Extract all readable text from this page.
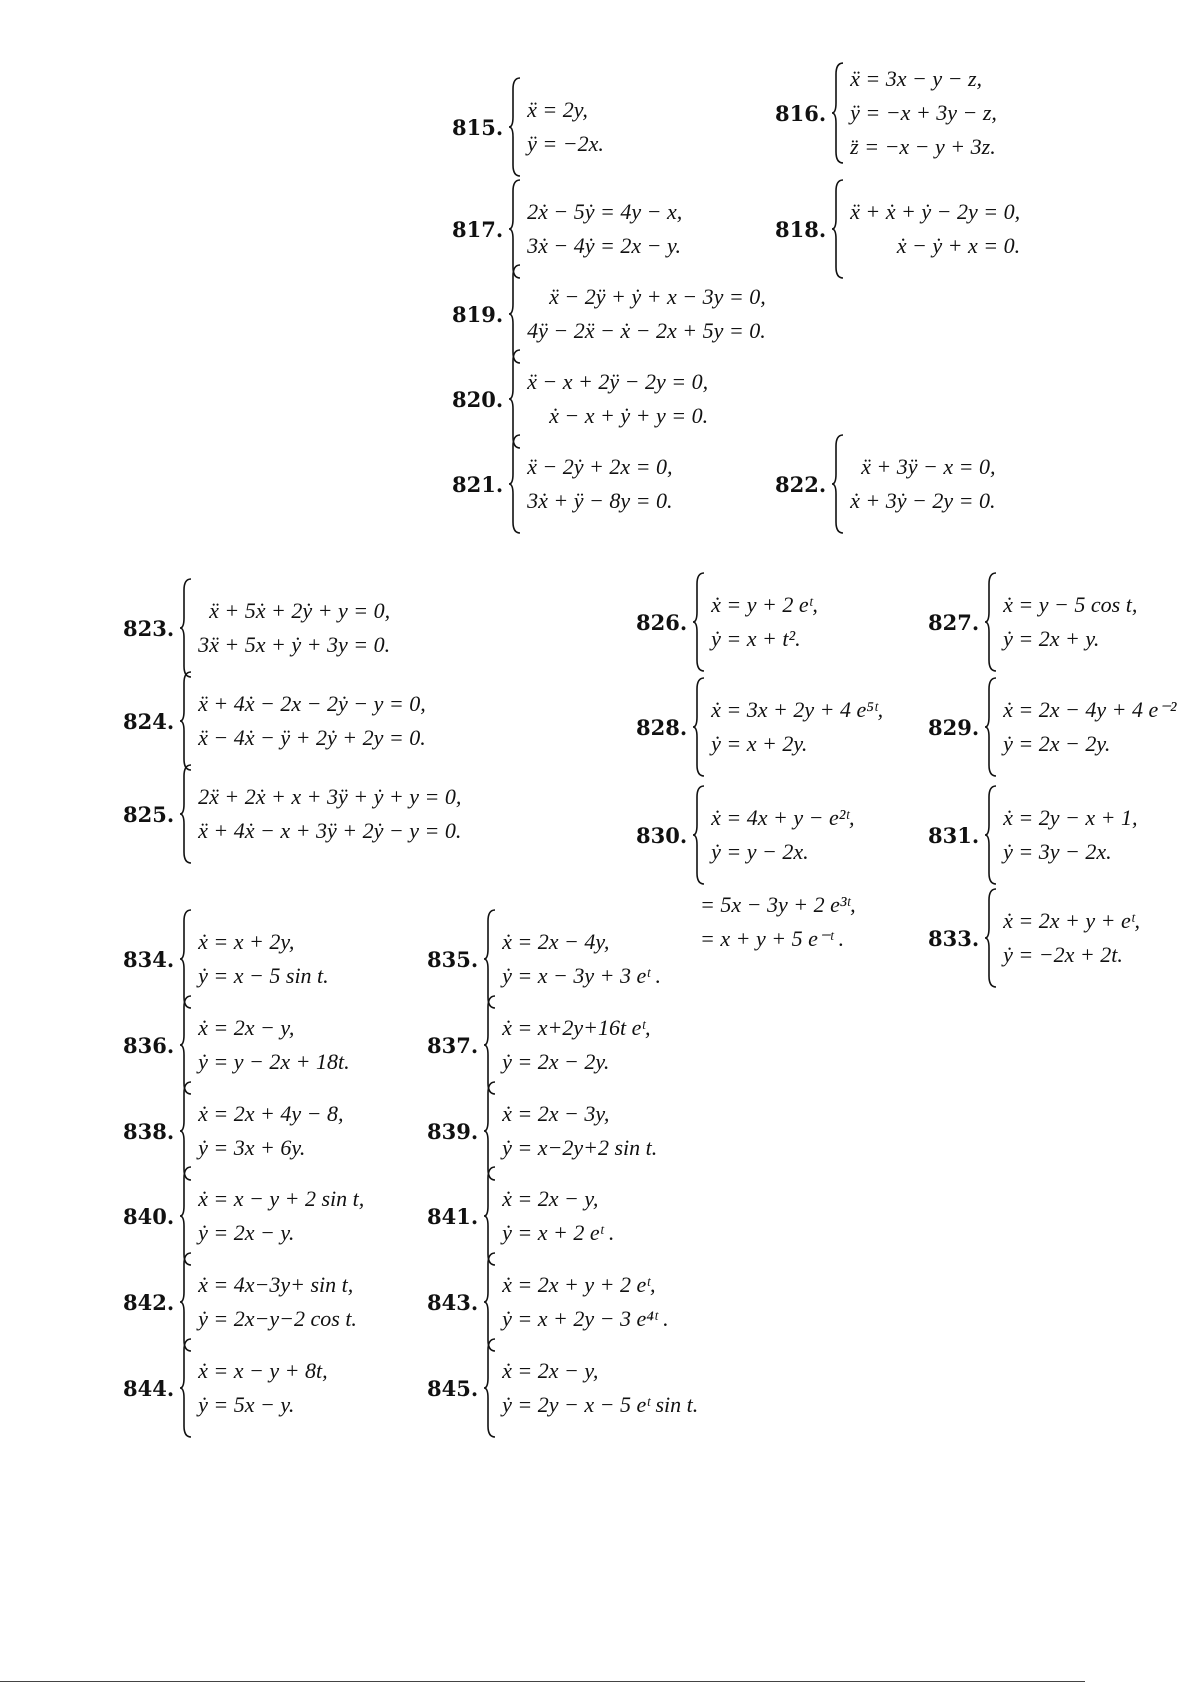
815.
ẍ = 2y,
ÿ = −2x.
816.
ẍ = 3x − y − z,
ÿ = −x + 3y − z,
z̈ = −x − y + 3z.
817.
2ẋ − 5ẏ = 4y − x,
3ẋ − 4ẏ = 2x − y.
818.
ẍ + ẋ + ẏ − 2y = 0,
ẋ − ẏ + x = 0.
819.
ẍ − 2ÿ + ẏ + x − 3y = 0,
4ÿ − 2ẍ − ẋ − 2x + 5y = 0.
820.
ẍ − x + 2ÿ − 2y = 0,
ẋ − x + ẏ + y = 0.
821.
ẍ − 2ẏ + 2x = 0,
3ẋ + ÿ − 8y = 0.
822.
ẍ + 3ÿ − x = 0,
ẋ + 3ẏ − 2y = 0.
823.
ẍ + 5ẋ + 2ẏ + y = 0,
3ẍ + 5x + ẏ + 3y = 0.
824.
ẍ + 4ẋ − 2x − 2ẏ − y = 0,
ẍ − 4ẋ − ÿ + 2ẏ + 2y = 0.
825.
2ẍ + 2ẋ + x + 3ÿ + ẏ + y = 0,
ẍ + 4ẋ − x + 3ÿ + 2ẏ − y = 0.
826.
ẋ = y + 2 eᵗ,
ẏ = x + t².
827.
ẋ = y − 5 cos t,
ẏ = 2x + y.
828.
ẋ = 3x + 2y + 4 e⁵ᵗ,
ẏ = x + 2y.
829.
ẋ = 2x − 4y + 4 e⁻²
ẏ = 2x − 2y.
830.
ẋ = 4x + y − e²ᵗ,
ẏ = y − 2x.
831.
ẋ = 2y − x + 1,
ẏ = 3y − 2x.
= 5x − 3y + 2 e³ᵗ,
= x + y + 5 e⁻ᵗ .	833.
ẋ = 2x + y + eᵗ,
ẏ = −2x + 2t.
834.
ẋ = x + 2y,
ẏ = x − 5 sin t.
835.
ẋ = 2x − 4y,
ẏ = x − 3y + 3 eᵗ .
836.
ẋ = 2x − y,
ẏ = y − 2x + 18t.
837.
ẋ = x+2y+16t eᵗ,
ẏ = 2x − 2y.
838.
ẋ = 2x + 4y − 8,
ẏ = 3x + 6y.
839.
ẋ = 2x − 3y,
ẏ = x−2y+2 sin t.
840.
ẋ = x − y + 2 sin t,
ẏ = 2x − y.
841.
ẋ = 2x − y,
ẏ = x + 2 eᵗ .
842.
ẋ = 4x−3y+ sin t,
ẏ = 2x−y−2 cos t.
843.
ẋ = 2x + y + 2 eᵗ,
ẏ = x + 2y − 3 e⁴ᵗ .
844.
ẋ = x − y + 8t,
ẏ = 5x − y.
845.
ẋ = 2x − y,
ẏ = 2y − x − 5 eᵗ sin t.
